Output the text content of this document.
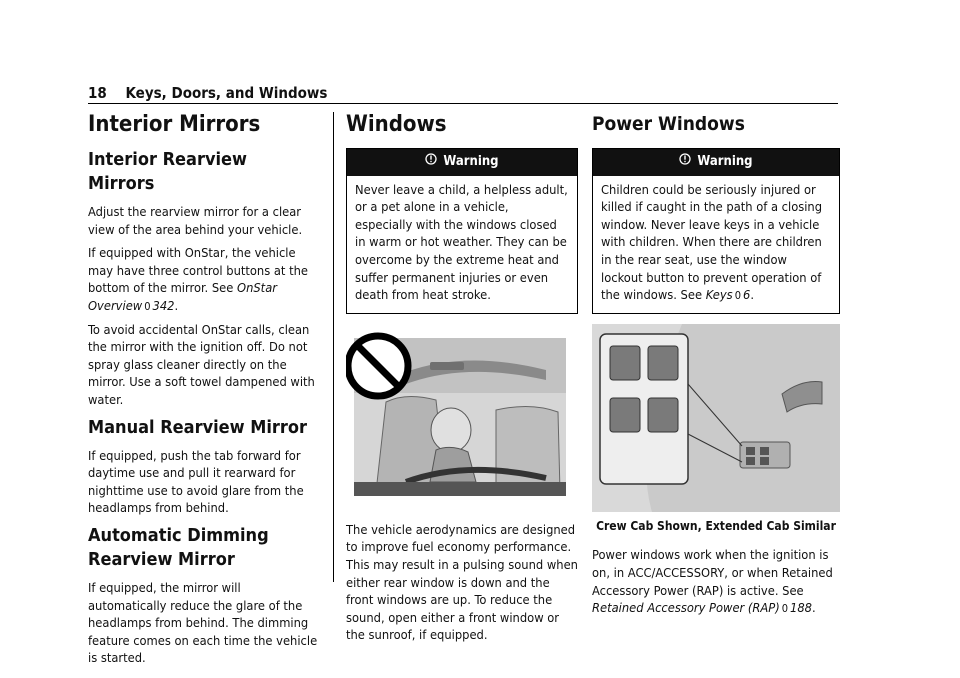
18 Keys, Doors, and Windows
Interior Mirrors
Interior Rearview Mirrors

Adjust the rearview mirror for a clear view of the area behind your vehicle.

If equipped with OnStar, the vehicle may have three control buttons at the bottom of the mirror. See OnStar Overview 0 342.

To avoid accidental OnStar calls, clean the mirror with the ignition off. Do not spray glass cleaner directly on the mirror. Use a soft towel dampened with water.

Manual Rearview Mirror

If equipped, push the tab forward for daytime use and pull it rearward for nighttime use to avoid glare from the headlamps from behind.

Automatic Dimming Rearview Mirror

If equipped, the mirror will automatically reduce the glare of the headlamps from behind. The dimming feature comes on each time the vehicle is started.

Windows
Warning
Never leave a child, a helpless adult, or a pet alone in a vehicle, especially with the windows closed in warm or hot weather. They can be overcome by the extreme heat and suffer permanent injuries or even death from heat stroke.

The vehicle aerodynamics are designed to improve fuel economy performance. This may result in a pulsing sound when either rear window is down and the front windows are up. To reduce the sound, open either a front window or the sunroof, if equipped.

Power Windows
Warning
Children could be seriously injured or killed if caught in the path of a closing window. Never leave keys in a vehicle with children. When there are children in the rear seat, use the window lockout button to prevent operation of the windows. See Keys 0 6.
Crew Cab Shown, Extended Cab Similar

Power windows work when the ignition is on, in ACC/ACCESSORY, or when Retained Accessory Power (RAP) is active. See Retained Accessory Power (RAP) 0 188.
